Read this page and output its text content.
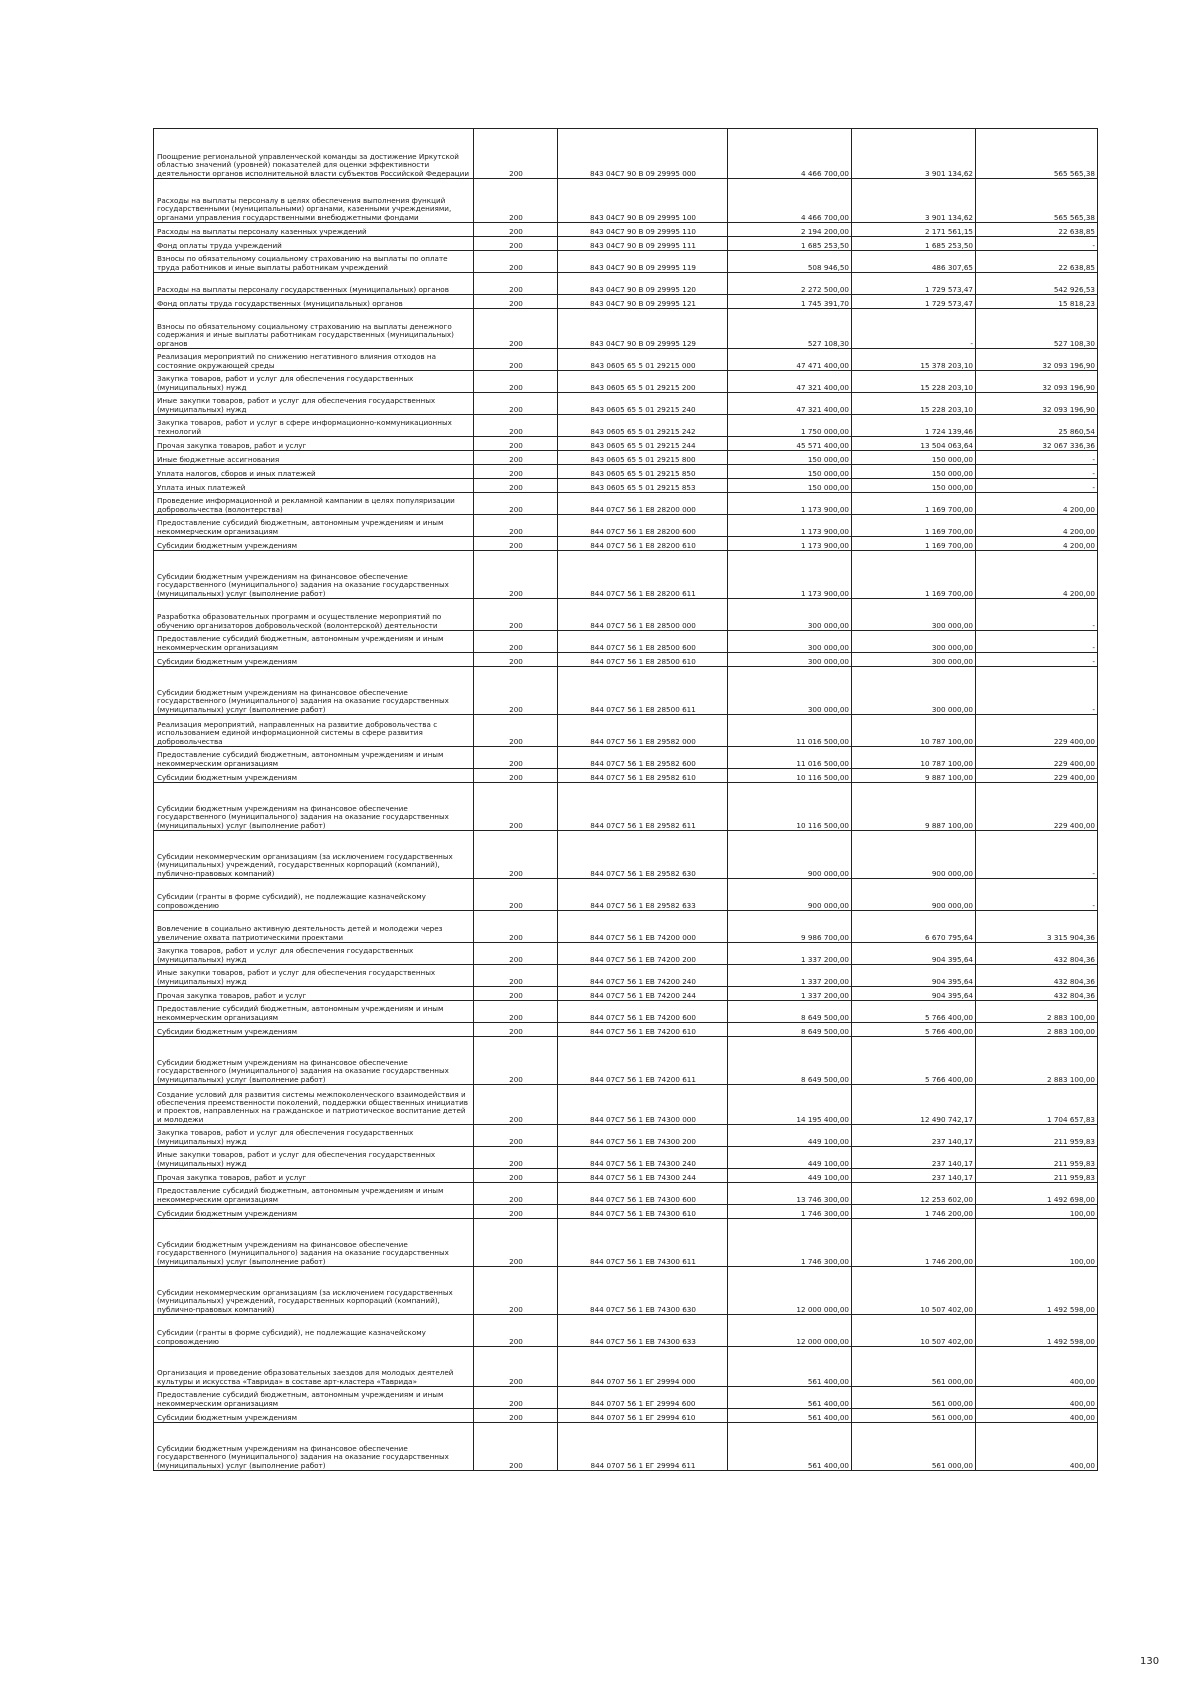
Поощрение региональной управленческой команды за достижение Иркутской областью значений (уровней) показателей для оценки эффективности деятельности органов исполнительной власти субъектов Российской Федерации	200	843 04С7 90 В 09 29995 000	4 466 700,00	3 901 134,62	565 565,38
Расходы на выплаты персоналу в целях обеспечения выполнения функций государственными (муниципальными) органами, казенными учреждениями, органами управления государственными внебюджетными фондами	200	843 04С7 90 В 09 29995 100	4 466 700,00	3 901 134,62	565 565,38
Расходы на выплаты персоналу казенных учреждений	200	843 04С7 90 В 09 29995 110	2 194 200,00	2 171 561,15	22 638,85
Фонд оплаты труда учреждений	200	843 04С7 90 В 09 29995 111	1 685 253,50	1 685 253,50	-
Взносы по обязательному социальному страхованию на выплаты по оплате труда работников и иные выплаты работникам учреждений	200	843 04С7 90 В 09 29995 119	508 946,50	486 307,65	22 638,85
Расходы на выплаты персоналу государственных (муниципальных) органов	200	843 04С7 90 В 09 29995 120	2 272 500,00	1 729 573,47	542 926,53
Фонд оплаты труда государственных (муниципальных) органов	200	843 04С7 90 В 09 29995 121	1 745 391,70	1 729 573,47	15 818,23
Взносы по обязательному социальному страхованию на выплаты денежного содержания и иные выплаты работникам государственных (муниципальных) органов	200	843 04С7 90 В 09 29995 129	527 108,30	-	527 108,30
Реализация мероприятий по снижению негативного влияния отходов на состояние окружающей среды	200	843 0605 65 5 01 29215 000	47 471 400,00	15 378 203,10	32 093 196,90
Закупка товаров, работ и услуг для обеспечения государственных (муниципальных) нужд	200	843 0605 65 5 01 29215 200	47 321 400,00	15 228 203,10	32 093 196,90
Иные закупки товаров, работ и услуг для обеспечения государственных (муниципальных) нужд	200	843 0605 65 5 01 29215 240	47 321 400,00	15 228 203,10	32 093 196,90
Закупка товаров, работ и услуг в сфере информационно-коммуникационных технологий	200	843 0605 65 5 01 29215 242	1 750 000,00	1 724 139,46	25 860,54
Прочая закупка товаров, работ и услуг	200	843 0605 65 5 01 29215 244	45 571 400,00	13 504 063,64	32 067 336,36
Иные бюджетные ассигнования	200	843 0605 65 5 01 29215 800	150 000,00	150 000,00	-
Уплата налогов, сборов и иных платежей	200	843 0605 65 5 01 29215 850	150 000,00	150 000,00	-
Уплата иных платежей	200	843 0605 65 5 01 29215 853	150 000,00	150 000,00	-
Проведение информационной и рекламной кампании в целях популяризации добровольчества (волонтерства)	200	844 07С7 56 1 Е8 28200 000	1 173 900,00	1 169 700,00	4 200,00
Предоставление субсидий бюджетным, автономным учреждениям и иным некоммерческим организациям	200	844 07С7 56 1 Е8 28200 600	1 173 900,00	1 169 700,00	4 200,00
Субсидии бюджетным учреждениям	200	844 07С7 56 1 Е8 28200 610	1 173 900,00	1 169 700,00	4 200,00
Субсидии бюджетным учреждениям на финансовое обеспечение государственного (муниципального) задания на оказание государственных (муниципальных) услуг (выполнение работ)	200	844 07С7 56 1 Е8 28200 611	1 173 900,00	1 169 700,00	4 200,00
Разработка образовательных программ и осуществление мероприятий по обучению организаторов добровольческой (волонтерской) деятельности	200	844 07С7 56 1 Е8 28500 000	300 000,00	300 000,00	-
Предоставление субсидий бюджетным, автономным учреждениям и иным некоммерческим организациям	200	844 07С7 56 1 Е8 28500 600	300 000,00	300 000,00	-
Субсидии бюджетным учреждениям	200	844 07С7 56 1 Е8 28500 610	300 000,00	300 000,00	-
Субсидии бюджетным учреждениям на финансовое обеспечение государственного (муниципального) задания на оказание государственных (муниципальных) услуг (выполнение работ)	200	844 07С7 56 1 Е8 28500 611	300 000,00	300 000,00	-
Реализация мероприятий, направленных на развитие добровольчества с использованием единой информационной системы в сфере развития добровольчества	200	844 07С7 56 1 Е8 29582 000	11 016 500,00	10 787 100,00	229 400,00
Предоставление субсидий бюджетным, автономным учреждениям и иным некоммерческим организациям	200	844 07С7 56 1 Е8 29582 600	11 016 500,00	10 787 100,00	229 400,00
Субсидии бюджетным учреждениям	200	844 07С7 56 1 Е8 29582 610	10 116 500,00	9 887 100,00	229 400,00
Субсидии бюджетным учреждениям на финансовое обеспечение государственного (муниципального) задания на оказание государственных (муниципальных) услуг (выполнение работ)	200	844 07С7 56 1 Е8 29582 611	10 116 500,00	9 887 100,00	229 400,00
Субсидии некоммерческим организациям (за исключением государственных (муниципальных) учреждений, государственных корпораций (компаний), публично-правовых компаний)	200	844 07С7 56 1 Е8 29582 630	900 000,00	900 000,00	-
Субсидии (гранты в форме субсидий), не подлежащие казначейскому сопровождению	200	844 07С7 56 1 Е8 29582 633	900 000,00	900 000,00	-
Вовлечение в социально активную деятельность детей и молодежи через увеличение охвата патриотическими проектами	200	844 07С7 56 1 ЕВ 74200 000	9 986 700,00	6 670 795,64	3 315 904,36
Закупка товаров, работ и услуг для обеспечения государственных (муниципальных) нужд	200	844 07С7 56 1 ЕВ 74200 200	1 337 200,00	904 395,64	432 804,36
Иные закупки товаров, работ и услуг для обеспечения государственных (муниципальных) нужд	200	844 07С7 56 1 ЕВ 74200 240	1 337 200,00	904 395,64	432 804,36
Прочая закупка товаров, работ и услуг	200	844 07С7 56 1 ЕВ 74200 244	1 337 200,00	904 395,64	432 804,36
Предоставление субсидий бюджетным, автономным учреждениям и иным некоммерческим организациям	200	844 07С7 56 1 ЕВ 74200 600	8 649 500,00	5 766 400,00	2 883 100,00
Субсидии бюджетным учреждениям	200	844 07С7 56 1 ЕВ 74200 610	8 649 500,00	5 766 400,00	2 883 100,00
Субсидии бюджетным учреждениям на финансовое обеспечение государственного (муниципального) задания на оказание государственных (муниципальных) услуг (выполнение работ)	200	844 07С7 56 1 ЕВ 74200 611	8 649 500,00	5 766 400,00	2 883 100,00
Создание условий для развития системы межпоколенческого взаимодействия и обеспечения преемственности поколений, поддержки общественных инициатив и проектов, направленных на гражданское и патриотическое воспитание детей и молодежи	200	844 07С7 56 1 ЕВ 74300 000	14 195 400,00	12 490 742,17	1 704 657,83
Закупка товаров, работ и услуг для обеспечения государственных (муниципальных) нужд	200	844 07С7 56 1 ЕВ 74300 200	449 100,00	237 140,17	211 959,83
Иные закупки товаров, работ и услуг для обеспечения государственных (муниципальных) нужд	200	844 07С7 56 1 ЕВ 74300 240	449 100,00	237 140,17	211 959,83
Прочая закупка товаров, работ и услуг	200	844 07С7 56 1 ЕВ 74300 244	449 100,00	237 140,17	211 959,83
Предоставление субсидий бюджетным, автономным учреждениям и иным некоммерческим организациям	200	844 07С7 56 1 ЕВ 74300 600	13 746 300,00	12 253 602,00	1 492 698,00
Субсидии бюджетным учреждениям	200	844 07С7 56 1 ЕВ 74300 610	1 746 300,00	1 746 200,00	100,00
Субсидии бюджетным учреждениям на финансовое обеспечение государственного (муниципального) задания на оказание государственных (муниципальных) услуг (выполнение работ)	200	844 07С7 56 1 ЕВ 74300 611	1 746 300,00	1 746 200,00	100,00
Субсидии некоммерческим организациям (за исключением государственных (муниципальных) учреждений, государственных корпораций (компаний), публично-правовых компаний)	200	844 07С7 56 1 ЕВ 74300 630	12 000 000,00	10 507 402,00	1 492 598,00
Субсидии (гранты в форме субсидий), не подлежащие казначейскому сопровождению	200	844 07С7 56 1 ЕВ 74300 633	12 000 000,00	10 507 402,00	1 492 598,00
Организация и проведение образовательных заездов для молодых деятелей культуры и искусства «Таврида» в составе арт-кластера «Таврида»	200	844 0707 56 1 ЕГ 29994 000	561 400,00	561 000,00	400,00
Предоставление субсидий бюджетным, автономным учреждениям и иным некоммерческим организациям	200	844 0707 56 1 ЕГ 29994 600	561 400,00	561 000,00	400,00
Субсидии бюджетным учреждениям	200	844 0707 56 1 ЕГ 29994 610	561 400,00	561 000,00	400,00
Субсидии бюджетным учреждениям на финансовое обеспечение государственного (муниципального) задания на оказание государственных (муниципальных) услуг (выполнение работ)	200	844 0707 56 1 ЕГ 29994 611	561 400,00	561 000,00	400,00
130
